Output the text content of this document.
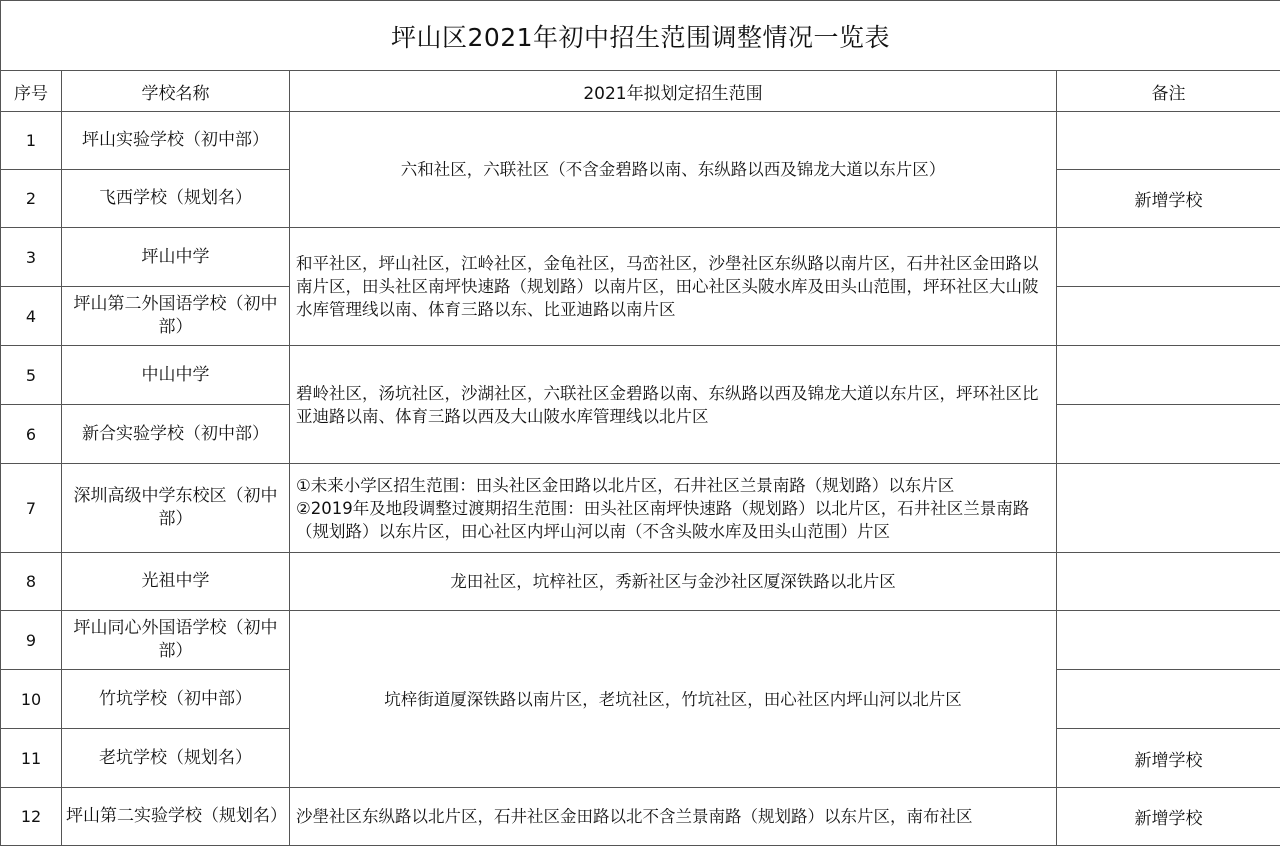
坪山区2021年初中招生范围调整情况一览表			
序号	学校名称	2021年拟划定招生范围	备注
1	坪山实验学校（初中部）	六和社区，六联社区（不含金碧路以南、东纵路以西及锦龙大道以东片区）	
2	飞西学校（规划名）		新增学校
3	坪山中学	和平社区，坪山社区，江岭社区，金龟社区，马峦社区，沙壆社区东纵路以南片区，石井社区金田路以南片区，田头社区南坪快速路（规划路）以南片区，田心社区头陂水库及田头山范围，坪环社区大山陂水库管理线以南、体育三路以东、比亚迪路以南片区	
4	坪山第二外国语学校（初中部）		
5	中山中学	碧岭社区，汤坑社区，沙湖社区，六联社区金碧路以南、东纵路以西及锦龙大道以东片区，坪环社区比亚迪路以南、体育三路以西及大山陂水库管理线以北片区	
6	新合实验学校（初中部）		
7	深圳高级中学东校区（初中部）	①未来小学区招生范围：田头社区金田路以北片区，石井社区兰景南路（规划路）以东片区
②2019年及地段调整过渡期招生范围：田头社区南坪快速路（规划路）以北片区，石井社区兰景南路（规划路）以东片区，田心社区内坪山河以南（不含头陂水库及田头山范围）片区	

8	光祖中学	龙田社区，坑梓社区，秀新社区与金沙社区厦深铁路以北片区	
9	坪山同心外国语学校（初中部）	坑梓街道厦深铁路以南片区，老坑社区，竹坑社区，田心社区内坪山河以北片区	
10	竹坑学校（初中部）		
11	老坑学校（规划名）		新增学校
12	坪山第二实验学校（规划名）	沙壆社区东纵路以北片区，石井社区金田路以北不含兰景南路（规划路）以东片区，南布社区	新增学校
